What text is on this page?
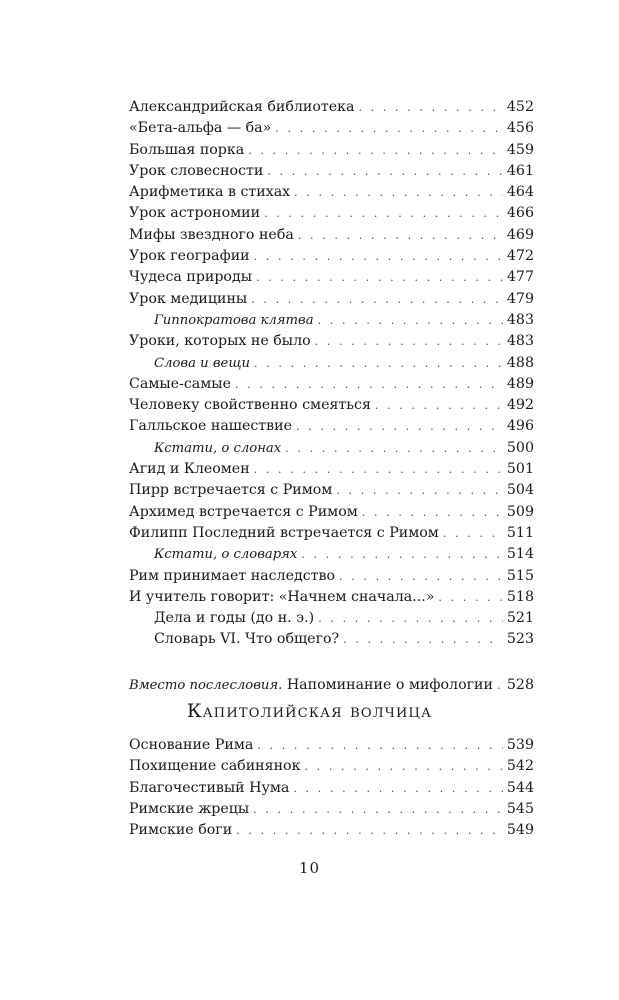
Александрийская библиотека . . .	452
«Бета-альфа — ба» . . .	456
Большая порка . . .	459
Урок словесности . . .	461
Арифметика в стихах . . .	464
Урок астрономии . . .	466
Мифы звездного неба . . .	469
Урок географии . . .	472
Чудеса природы . . .	477
Урок медицины . . .	479
Гиппократова клятва . . .	483
Уроки, которых не было . . .	483
Слова и вещи . . .	488
Самые-самые . . .	489
Человеку свойственно смеяться . . .	492
Галльское нашествие . . .	496
Кстати, о слонах . . .	500
Агид и Клеомен . . .	501
Пирр встречается с Римом . . .	504
Архимед встречается с Римом . . .	509
Филипп Последний встречается с Римом . . .	511
Кстати, о словарях . . .	514
Рим принимает наследство . . .	515
И учитель говорит: «Начнем сначала...» . . .	518
Дела и годы (до н. э.) . . .	521
Словарь VI. Что общего? . . .	523
Вместо послесловия. Напоминание о мифологии . . . 528
Капитолийская волчица
Основание Рима . . .	539
Похищение сабинянок . . .	542
Благочестивый Нума . . .	544
Римские жрецы . . .	545
Римские боги . . .	549
10
